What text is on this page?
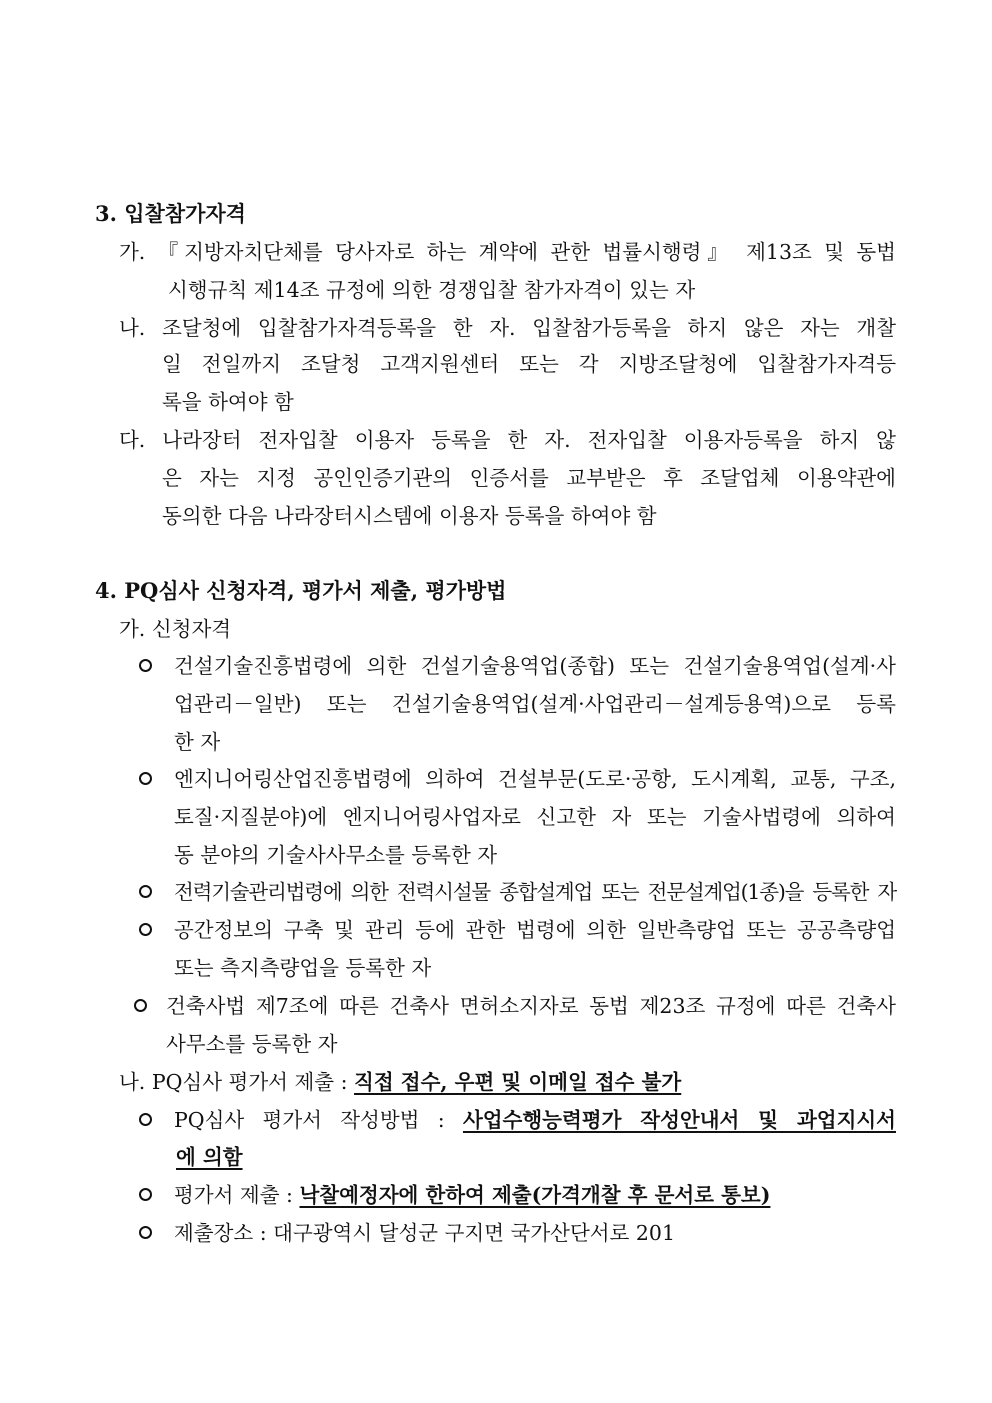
3. 입찰참가자격
가. 『지방자치단체를 당사자로 하는 계약에 관한 법률시행령』 제13조 및 동법
시행규칙 제14조 규정에 의한 경쟁입찰 참가자격이 있는 자
나. 조달청에 입찰참가자격등록을 한 자. 입찰참가등록을 하지 않은 자는 개찰
일 전일까지 조달청 고객지원센터 또는 각 지방조달청에 입찰참가자격등
록을 하여야 함
다. 나라장터 전자입찰 이용자 등록을 한 자. 전자입찰 이용자등록을 하지 않
은 자는 지정 공인인증기관의 인증서를 교부받은 후 조달업체 이용약관에
동의한 다음 나라장터시스템에 이용자 등록을 하여야 함
4. PQ심사 신청자격, 평가서 제출, 평가방법
가. 신청자격
건설기술진흥법령에 의한 건설기술용역업(종합) 또는 건설기술용역업(설계·사
업관리－일반) 또는 건설기술용역업(설계·사업관리－설계등용역)으로 등록
한 자
엔지니어링산업진흥법령에 의하여 건설부문(도로·공항, 도시계획, 교통, 구조,
토질·지질분야)에 엔지니어링사업자로 신고한 자 또는 기술사법령에 의하여
동 분야의 기술사사무소를 등록한 자
전력기술관리법령에 의한 전력시설물 종합설계업 또는 전문설계업(1종)을 등록한 자
공간정보의 구축 및 관리 등에 관한 법령에 의한 일반측량업 또는 공공측량업
또는 측지측량업을 등록한 자
건축사법 제7조에 따른 건축사 면허소지자로 동법 제23조 규정에 따른 건축사
사무소를 등록한 자
나. PQ심사 평가서 제출 : 직접 접수, 우편 및 이메일 접수 불가
PQ심사 평가서 작성방법 : 사업수행능력평가 작성안내서 및 과업지시서
에 의함
평가서 제출 : 낙찰예정자에 한하여 제출(가격개찰 후 문서로 통보)
제출장소 : 대구광역시 달성군 구지면 국가산단서로 201
